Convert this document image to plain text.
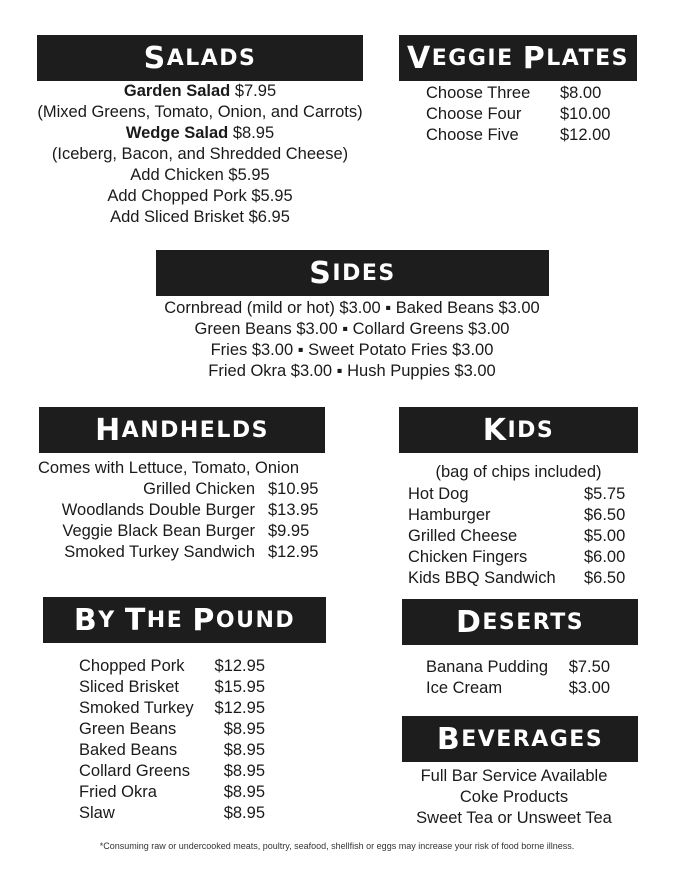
S ALADS
Garden Salad $7.95
(Mixed Greens, Tomato, Onion, and Carrots)
Wedge Salad $8.95
(Iceberg, Bacon, and Shredded Cheese)
Add Chicken $5.95
Add Chopped Pork $5.95
Add Sliced Brisket $6.95
V EGGIE P LATES
Choose Three	$8.00
Choose Four	$10.00
Choose Five	$12.00
S IDES
Cornbread (mild or hot) $3.00 ▪ Baked Beans $3.00
Green Beans $3.00 ▪ Collard Greens $3.00
Fries $3.00 ▪ Sweet Potato Fries $3.00
Fried Okra $3.00 ▪ Hush Puppies $3.00
H ANDHELDS
Comes with Lettuce, Tomato, Onion
Grilled Chicken $10.95
Woodlands Double Burger $13.95
Veggie Black Bean Burger $9.95
Smoked Turkey Sandwich $12.95
K IDS
(bag of chips included)
Hot Dog	$5.75
Hamburger	$6.50
Grilled Cheese	$5.00
Chicken Fingers	$6.00
Kids BBQ Sandwich	$6.50
B Y T HE P OUND
Chopped Pork	$12.95
Sliced Brisket	$15.95
Smoked Turkey	$12.95
Green Beans	$8.95
Baked Beans	$8.95
Collard Greens	$8.95
Fried Okra	$8.95
Slaw	$8.95
D ESERTS
Banana Pudding	$7.50
Ice Cream	$3.00
B EVERAGES
Full Bar Service Available
Coke Products
Sweet Tea or Unsweet Tea
*Consuming raw or undercooked meats, poultry, seafood, shellfish or eggs may increase your risk of food borne illness.
